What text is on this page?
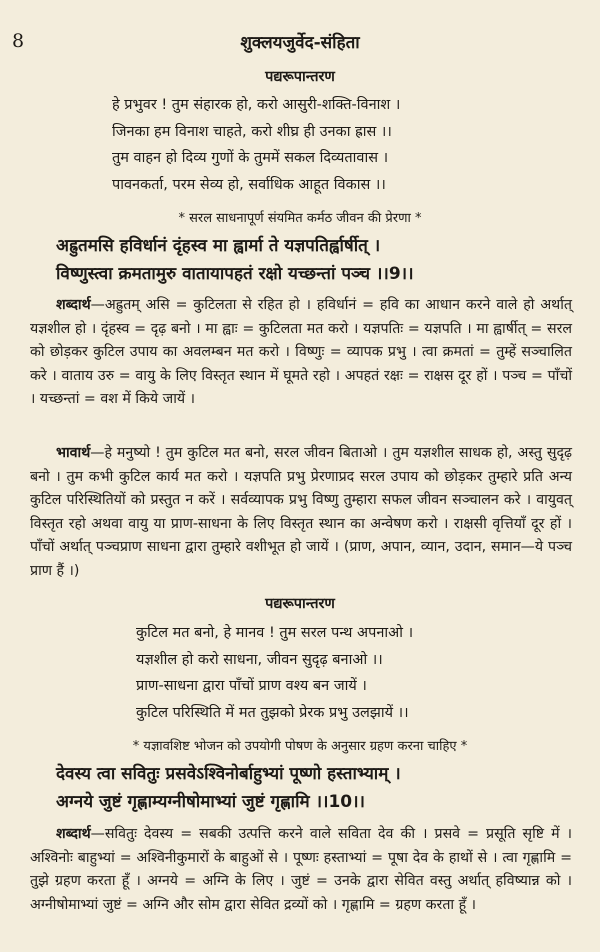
8	शुक्लयजुर्वेद-संहिता
पद्यरूपान्तरण
हे प्रभुवर ! तुम संहारक हो, करो आसुरी-शक्ति-विनाश ।
जिनका हम विनाश चाहते, करो शीघ्र ही उनका ह्रास ।।
तुम वाहन हो दिव्य गुणों के तुममें सकल दिव्यतावास ।
पावनकर्ता, परम सेव्य हो, सर्वाधिक आहूत विकास ।।
* सरल साधनापूर्ण संयमित कर्मठ जीवन की प्रेरणा *
अह्रुतमसि हविर्धानं दृंहस्व मा ह्वार्मा ते यज्ञपतिर्ह्वार्षीत् ।
विष्णुस्त्वा क्रमतामुरु वातायापहतं रक्षो यच्छन्तां पञ्च ।।9।।
शब्दार्थ—अह्रुतम् असि = कुटिलता से रहित हो । हविर्धानं = हवि का आधान करने वाले हो अर्थात् यज्ञशील हो । दृंहस्व = दृढ़ बनो । मा ह्वाः = कुटिलता मत करो । यज्ञपतिः = यज्ञपति । मा ह्वार्षीत् = सरल को छोड़कर कुटिल उपाय का अवलम्बन मत करो । विष्णुः = व्यापक प्रभु । त्वा क्रमतां = तुम्हें सञ्चालित करे । वाताय उरु = वायु के लिए विस्तृत स्थान में घूमते रहो । अपहतं रक्षः = राक्षस दूर हों । पञ्च = पाँचों । यच्छन्तां = वश में किये जायें ।
भावार्थ—हे मनुष्यो ! तुम कुटिल मत बनो, सरल जीवन बिताओ । तुम यज्ञशील साधक हो, अस्तु सुदृढ़ बनो । तुम कभी कुटिल कार्य मत करो । यज्ञपति प्रभु प्रेरणाप्रद सरल उपाय को छोड़कर तुम्हारे प्रति अन्य कुटिल परिस्थितियों को प्रस्तुत न करें । सर्वव्यापक प्रभु विष्णु तुम्हारा सफल जीवन सञ्चालन करे । वायुवत् विस्तृत रहो अथवा वायु या प्राण-साधना के लिए विस्तृत स्थान का अन्वेषण करो । राक्षसी वृत्तियाँ दूर हों । पाँचों अर्थात् पञ्चप्राण साधना द्वारा तुम्हारे वशीभूत हो जायें । (प्राण, अपान, व्यान, उदान, समान—ये पञ्च प्राण हैं ।)
पद्यरूपान्तरण
कुटिल मत बनो, हे मानव ! तुम सरल पन्थ अपनाओ ।
यज्ञशील हो करो साधना, जीवन सुदृढ़ बनाओ ।।
प्राण-साधना द्वारा पाँचों प्राण वश्य बन जायें ।
कुटिल परिस्थिति में मत तुझको प्रेरक प्रभु उलझायें ।।
* यज्ञावशिष्ट भोजन को उपयोगी पोषण के अनुसार ग्रहण करना चाहिए *
देवस्य त्वा सवितुः प्रसवेऽश्विनोर्बाहुभ्यां पूष्णो हस्ताभ्याम् ।
अग्नये जुष्टं गृह्णाम्यग्नीषोमाभ्यां जुष्टं गृह्णामि ।।10।।
शब्दार्थ—सवितुः देवस्य = सबकी उत्पत्ति करने वाले सविता देव की । प्रसवे = प्रसूति सृष्टि में । अश्विनोः बाहुभ्यां = अश्विनीकुमारों के बाहुओं से । पूष्णः हस्ताभ्यां = पूषा देव के हाथों से । त्वा गृह्णामि = तुझे ग्रहण करता हूँ । अग्नये = अग्नि के लिए । जुष्टं = उनके द्वारा सेवित वस्तु अर्थात् हविष्यान्न को । अग्नीषोमाभ्यां जुष्टं = अग्नि और सोम द्वारा सेवित द्रव्यों को । गृह्णामि = ग्रहण करता हूँ ।
